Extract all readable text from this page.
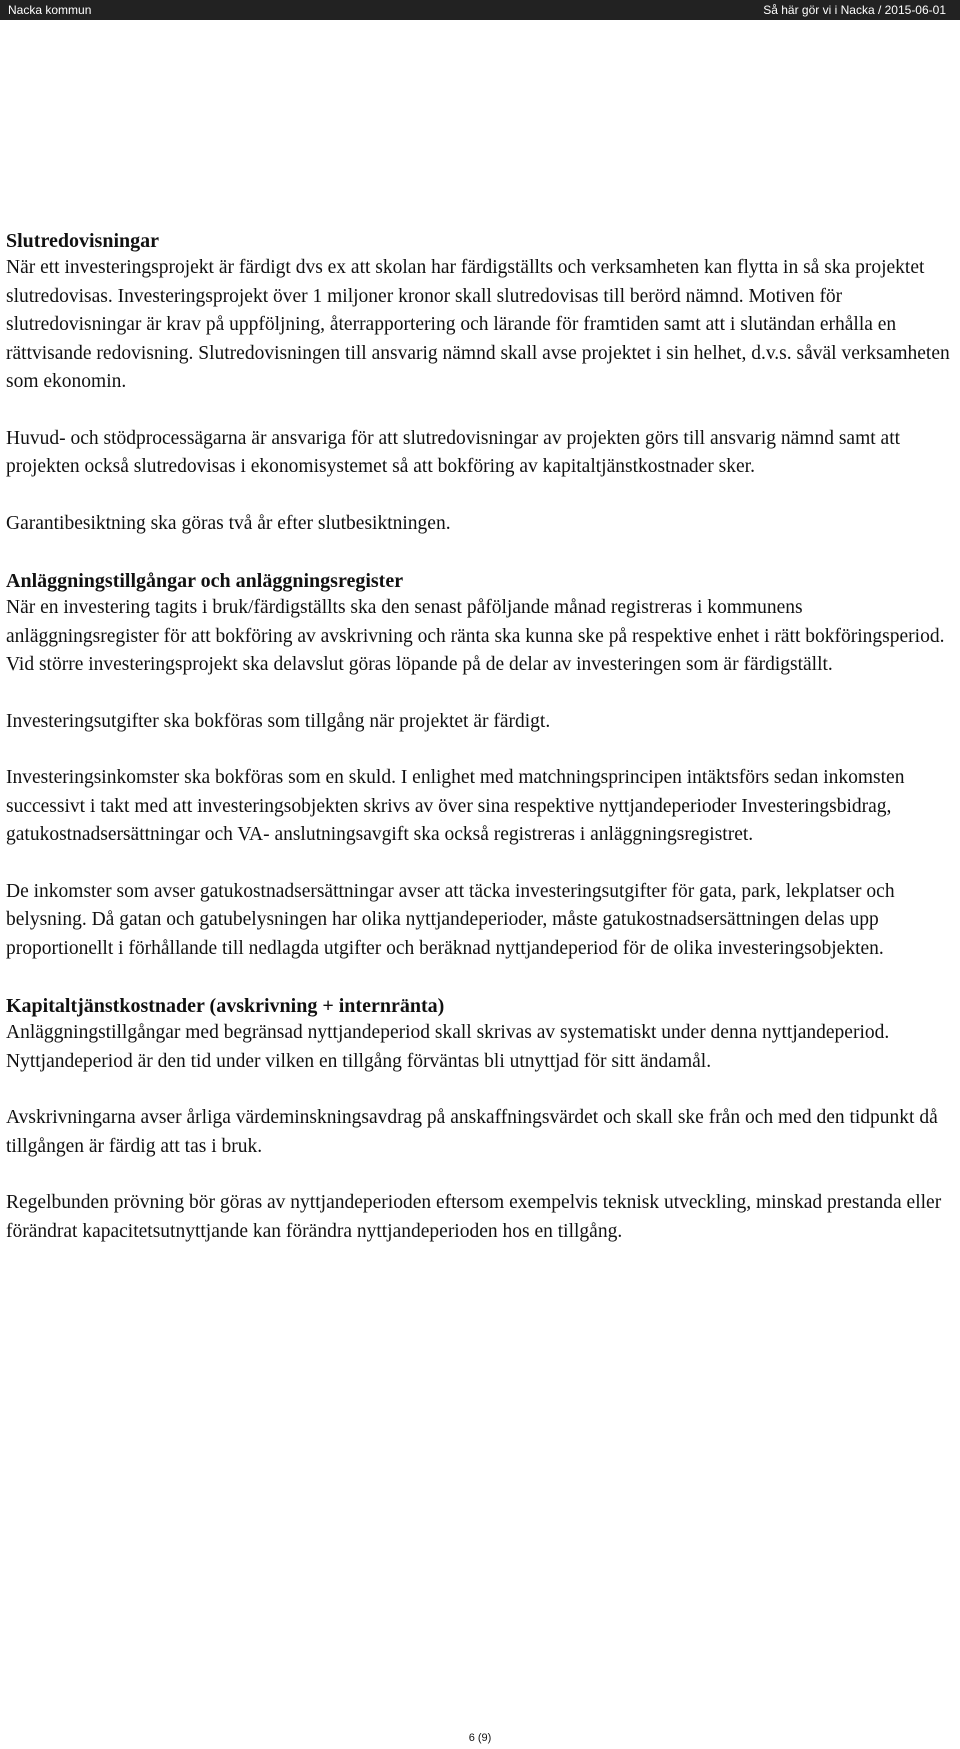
Nacka kommun	Så här gör vi i Nacka / 2015-06-01
Slutredovisningar

När ett investeringsprojekt är färdigt dvs ex att skolan har färdigställts och verksamheten kan flytta in så ska projektet slutredovisas. Investeringsprojekt över 1 miljoner kronor skall slutredovisas till berörd nämnd. Motiven för slutredovisningar är krav på uppföljning, återrapportering och lärande för framtiden samt att i slutändan erhålla en rättvisande redovisning. Slutredovisningen till ansvarig nämnd skall avse projektet i sin helhet, d.v.s. såväl verksamheten som ekonomin.

Huvud- och stödprocessägarna är ansvariga för att slutredovisningar av projekten görs till ansvarig nämnd samt att projekten också slutredovisas i ekonomisystemet så att bokföring av kapitaltjänstkostnader sker.

Garantibesiktning ska göras två år efter slutbesiktningen.

Anläggningstillgångar och anläggningsregister

När en investering tagits i bruk/färdigställts ska den senast påföljande månad registreras i kommunens anläggningsregister för att bokföring av avskrivning och ränta ska kunna ske på respektive enhet i rätt bokföringsperiod. Vid större investeringsprojekt ska delavslut göras löpande på de delar av investeringen som är färdigställt.

Investeringsutgifter ska bokföras som tillgång när projektet är färdigt.

Investeringsinkomster ska bokföras som en skuld. I enlighet med matchningsprincipen intäktsförs sedan inkomsten successivt i takt med att investeringsobjekten skrivs av över sina respektive nyttjandeperioder Investeringsbidrag, gatukostnadsersättningar och VA- anslutningsavgift ska också registreras i anläggningsregistret.

De inkomster som avser gatukostnadsersättningar avser att täcka investeringsutgifter för gata, park, lekplatser och belysning. Då gatan och gatubelysningen har olika nyttjandeperioder, måste gatukostnadsersättningen delas upp proportionellt i förhållande till nedlagda utgifter och beräknad nyttjandeperiod för de olika investeringsobjekten.

Kapitaltjänstkostnader (avskrivning + internränta)

Anläggningstillgångar med begränsad nyttjandeperiod skall skrivas av systematiskt under denna nyttjandeperiod. Nyttjandeperiod är den tid under vilken en tillgång förväntas bli utnyttjad för sitt ändamål.

Avskrivningarna avser årliga värdeminskningsavdrag på anskaffningsvärdet och skall ske från och med den tidpunkt då tillgången är färdig att tas i bruk.

Regelbunden prövning bör göras av nyttjandeperioden eftersom exempelvis teknisk utveckling, minskad prestanda eller förändrat kapacitetsutnyttjande kan förändra nyttjandeperioden hos en tillgång.

6 (9)
